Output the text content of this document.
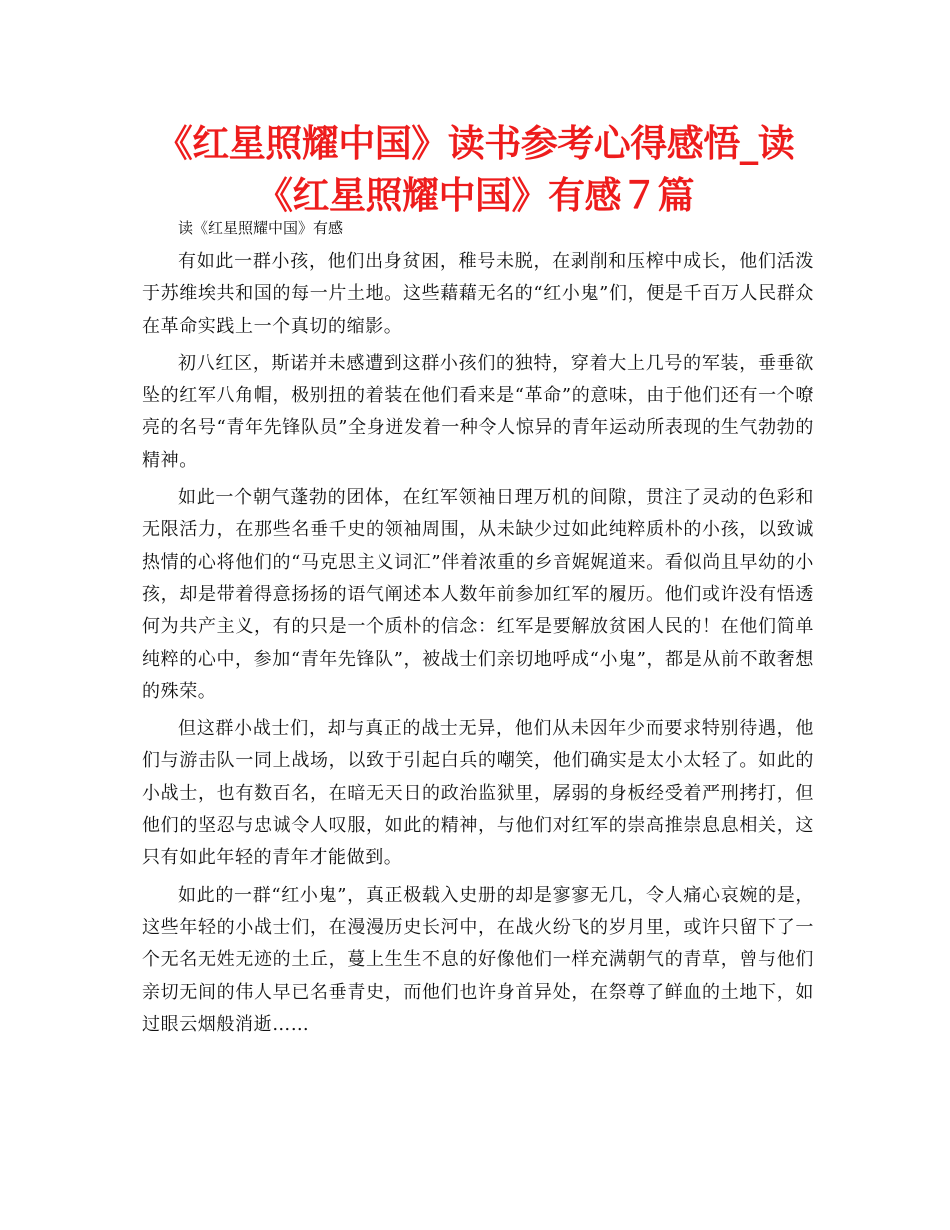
《红星照耀中国》读书参考心得感悟_读
《红星照耀中国》有感７篇

读《红星照耀中国》有感

有如此一群小孩，他们出身贫困，稚号未脱，在剥削和压榨中成长，他们活泼于苏维埃共和国的每一片土地。这些藉藉无名的“红小鬼”们，便是千百万人民群众在革命实践上一个真切的缩影。

初八红区，斯诺并未感遭到这群小孩们的独特，穿着大上几号的军装，垂垂欲坠的红军八角帽，极别扭的着装在他们看来是“革命”的意味，由于他们还有一个嘹亮的名号“青年先锋队员”全身迸发着一种令人惊异的青年运动所表现的生气勃勃的精神。

如此一个朝气蓬勃的团体，在红军领袖日理万机的间隙，贯注了灵动的色彩和无限活力，在那些名垂千史的领袖周围，从未缺少过如此纯粹质朴的小孩，以致诚热情的心将他们的“马克思主义词汇”伴着浓重的乡音娓娓道来。看似尚且早幼的小孩，却是带着得意扬扬的语气阐述本人数年前参加红军的履历。他们或许没有悟透何为共产主义，有的只是一个质朴的信念：红军是要解放贫困人民的！在他们简单纯粹的心中，参加“青年先锋队”，被战士们亲切地呼成“小鬼”，都是从前不敢奢想的殊荣。

但这群小战士们，却与真正的战士无异，他们从未因年少而要求特别待遇，他们与游击队一同上战场，以致于引起白兵的嘲笑，他们确实是太小太轻了。如此的小战士，也有数百名，在暗无天日的政治监狱里，孱弱的身板经受着严刑拷打，但他们的坚忍与忠诚令人叹服，如此的精神，与他们对红军的崇高推崇息息相关，这只有如此年轻的青年才能做到。

如此的一群“红小鬼”，真正极载入史册的却是寥寥无几，令人痛心哀婉的是，这些年轻的小战士们，在漫漫历史长河中，在战火纷飞的岁月里，或许只留下了一个无名无姓无迹的土丘，蔓上生生不息的好像他们一样充满朝气的青草，曾与他们亲切无间的伟人早已名垂青史，而他们也许身首异处，在祭尊了鲜血的土地下，如过眼云烟般消逝……
